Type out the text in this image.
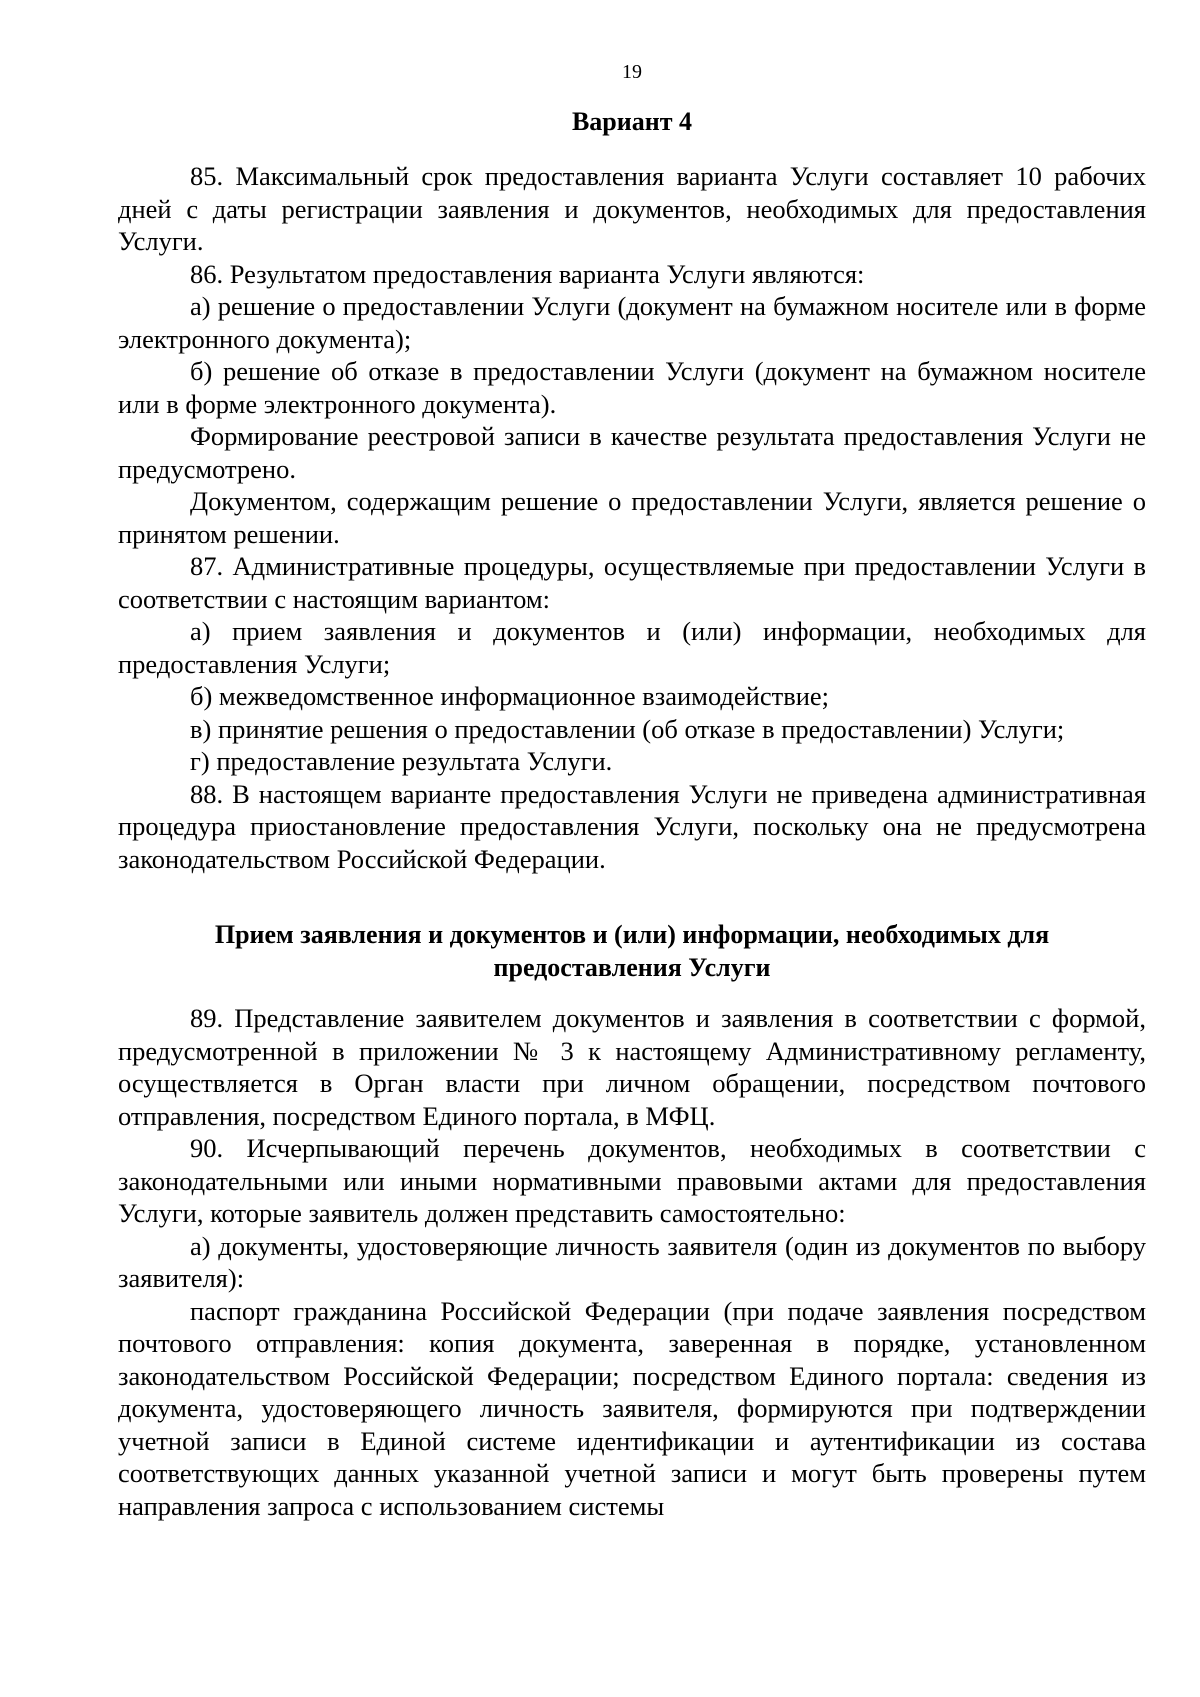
19
Вариант 4

85. Максимальный срок предоставления варианта Услуги составляет 10 рабочих дней с даты регистрации заявления и документов, необходимых для предоставления Услуги.

86. Результатом предоставления варианта Услуги являются:

а) решение о предоставлении Услуги (документ на бумажном носителе или в форме электронного документа);

б) решение об отказе в предоставлении Услуги (документ на бумажном носителе или в форме электронного документа).

Формирование реестровой записи в качестве результата предоставления Услуги не предусмотрено.

Документом, содержащим решение о предоставлении Услуги, является решение о принятом решении.

87. Административные процедуры, осуществляемые при предоставлении Услуги в соответствии с настоящим вариантом:

а) прием заявления и документов и (или) информации, необходимых для предоставления Услуги;

б) межведомственное информационное взаимодействие;

в) принятие решения о предоставлении (об отказе в предоставлении) Услуги;

г) предоставление результата Услуги.

88. В настоящем варианте предоставления Услуги не приведена административная процедура приостановление предоставления Услуги, поскольку она не предусмотрена законодательством Российской Федерации.

Прием заявления и документов и (или) информации, необходимых для предоставления Услуги

89. Представление заявителем документов и заявления в соответствии с формой, предусмотренной в приложении № 3 к настоящему Административному регламенту, осуществляется в Орган власти при личном обращении, посредством почтового отправления, посредством Единого портала, в МФЦ.

90. Исчерпывающий перечень документов, необходимых в соответствии с законодательными или иными нормативными правовыми актами для предоставления Услуги, которые заявитель должен представить самостоятельно:

а) документы, удостоверяющие личность заявителя (один из документов по выбору заявителя):

паспорт гражданина Российской Федерации (при подаче заявления посредством почтового отправления: копия документа, заверенная в порядке, установленном законодательством Российской Федерации; посредством Единого портала: сведения из документа, удостоверяющего личность заявителя, формируются при подтверждении учетной записи в Единой системе идентификации и аутентификации из состава соответствующих данных указанной учетной записи и могут быть проверены путем направления запроса с использованием системы
